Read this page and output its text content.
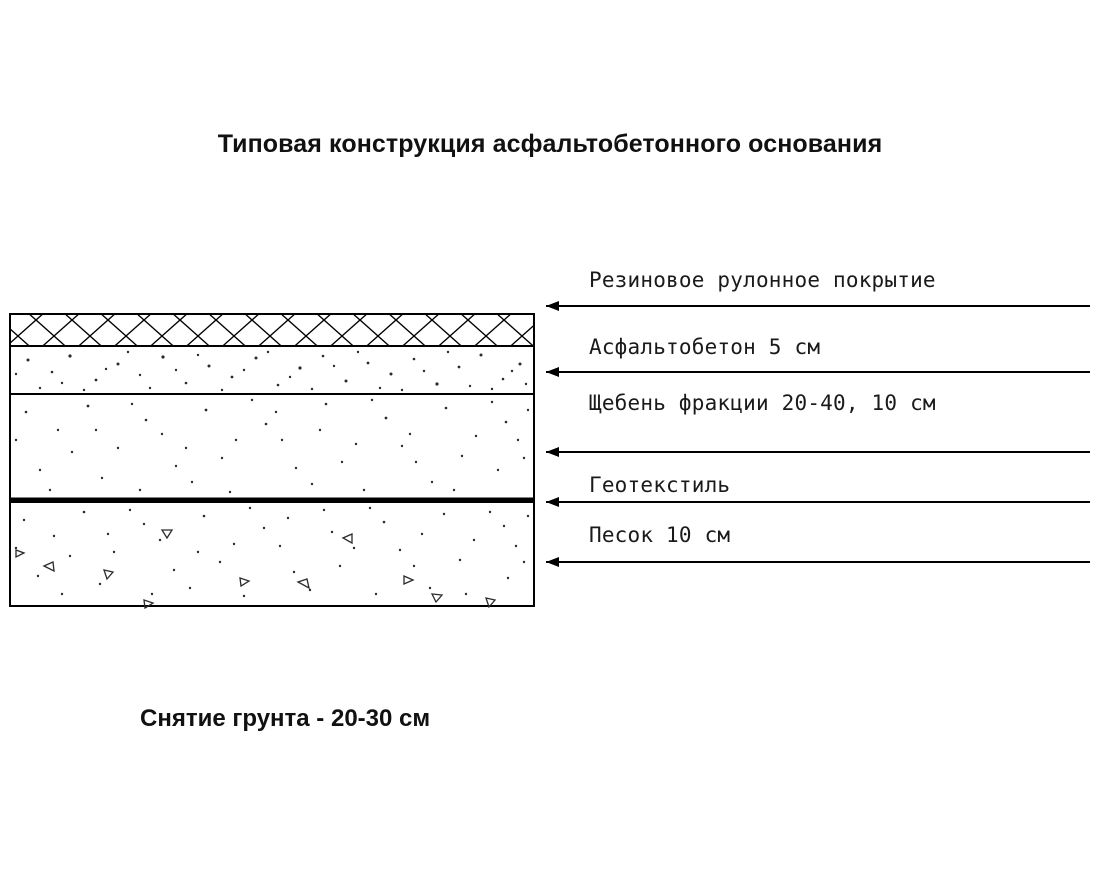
Типовая конструкция асфальтобетонного основания
Резиновое рулонное покрытие
Асфальтобетон 5 см
Щебень фракции 20-40, 10 см
Геотекстиль
Песок 10 см
Снятие грунта - 20-30 см
